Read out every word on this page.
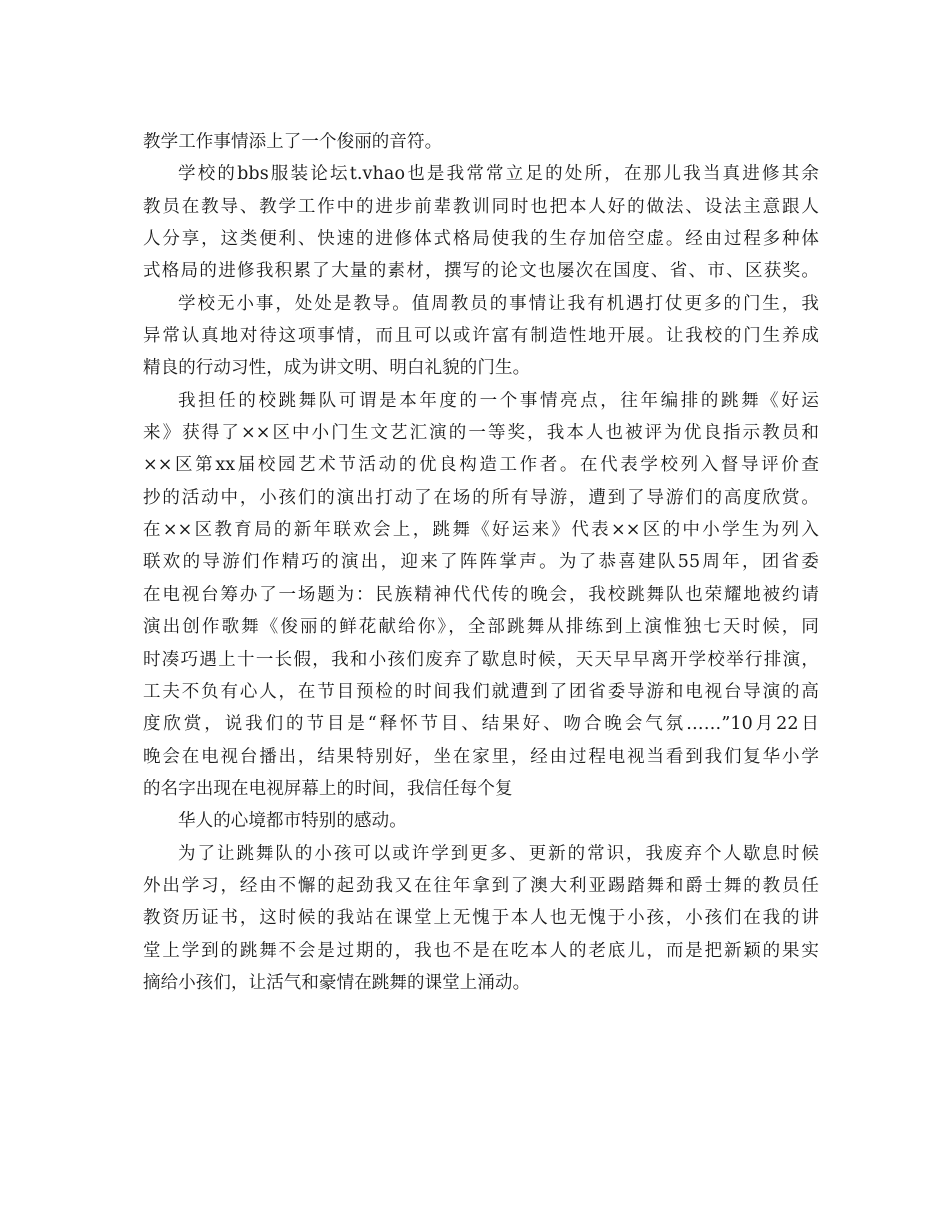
教学工作事情添上了一个俊丽的音符。
学校的bbs服装论坛t.vhao也是我常常立足的处所，在那儿我当真进修其余
教员在教导、教学工作中的进步前辈教训同时也把本人好的做法、设法主意跟人
人分享，这类便利、快速的进修体式格局使我的生存加倍空虚。经由过程多种体
式格局的进修我积累了大量的素材，撰写的论文也屡次在国度、省、市、区获奖。
学校无小事，处处是教导。值周教员的事情让我有机遇打仗更多的门生，我
异常认真地对待这项事情，而且可以或许富有制造性地开展。让我校的门生养成
精良的行动习性，成为讲文明、明白礼貌的门生。
我担任的校跳舞队可谓是本年度的一个事情亮点，往年编排的跳舞《好运
来》获得了××区中小门生文艺汇演的一等奖，我本人也被评为优良指示教员和
××区第xx届校园艺术节活动的优良构造工作者。在代表学校列入督导评价查
抄的活动中，小孩们的演出打动了在场的所有导游，遭到了导游们的高度欣赏。
在××区教育局的新年联欢会上，跳舞《好运来》代表××区的中小学生为列入
联欢的导游们作精巧的演出，迎来了阵阵掌声。为了恭喜建队55周年，团省委
在电视台筹办了一场题为：民族精神代代传的晚会，我校跳舞队也荣耀地被约请
演出创作歌舞《俊丽的鲜花献给你》，全部跳舞从排练到上演惟独七天时候，同
时凑巧遇上十一长假，我和小孩们废弃了歇息时候，天天早早离开学校举行排演，
工夫不负有心人，在节目预检的时间我们就遭到了团省委导游和电视台导演的高
度欣赏，说我们的节目是“释怀节目、结果好、吻合晚会气氛……”10月22日
晚会在电视台播出，结果特别好，坐在家里，经由过程电视当看到我们复华小学
的名字出现在电视屏幕上的时间，我信任每个复
华人的心境都市特别的感动。
为了让跳舞队的小孩可以或许学到更多、更新的常识，我废弃个人歇息时候
外出学习，经由不懈的起劲我又在往年拿到了澳大利亚踢踏舞和爵士舞的教员任
教资历证书，这时候的我站在课堂上无愧于本人也无愧于小孩，小孩们在我的讲
堂上学到的跳舞不会是过期的，我也不是在吃本人的老底儿，而是把新颖的果实
摘给小孩们，让活气和豪情在跳舞的课堂上涌动。
